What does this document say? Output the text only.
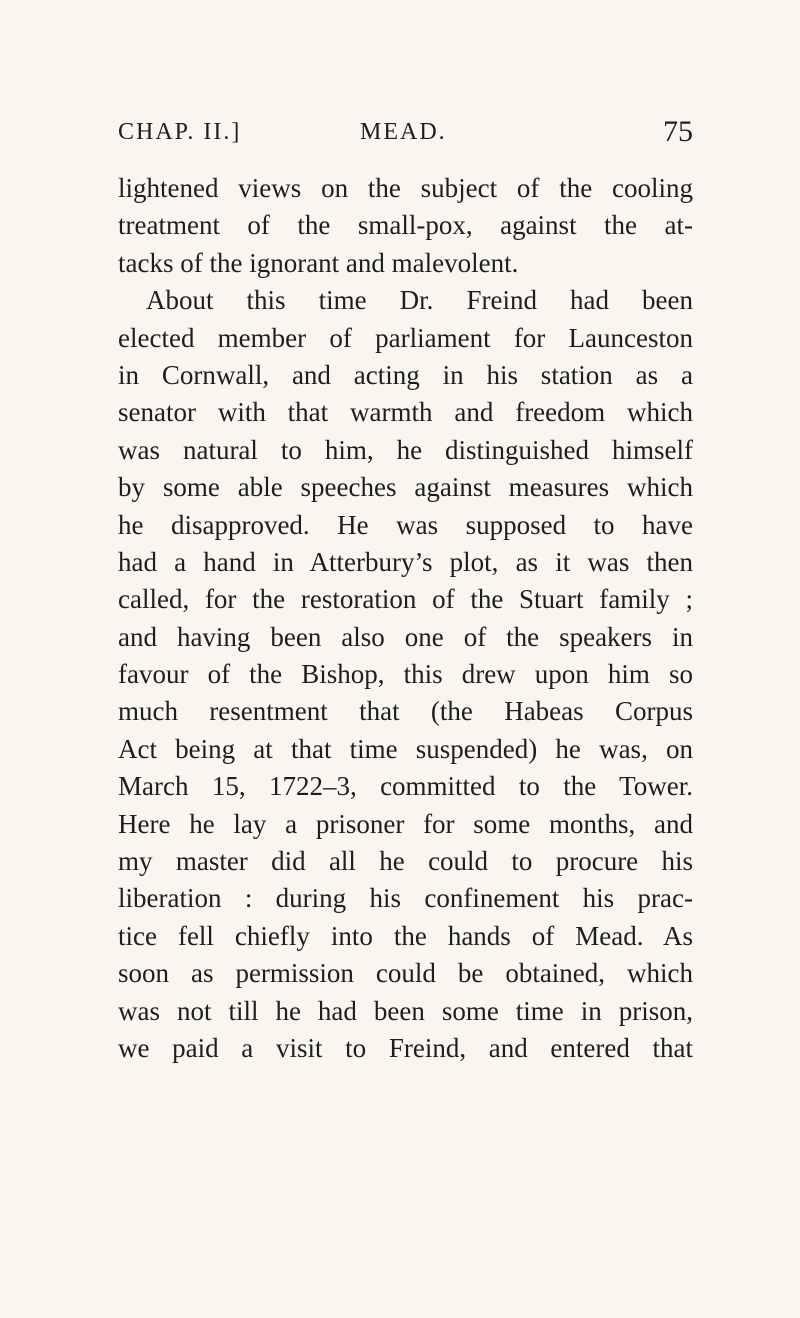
CHAP. II.]	MEAD.	75
lightened views on the subject of the cooling
treatment of the small-pox, against the at-
tacks of the ignorant and malevolent.
About this time Dr. Freind had been
elected member of parliament for Launceston
in Cornwall, and acting in his station as a
senator with that warmth and freedom which
was natural to him, he distinguished himself
by some able speeches against measures which
he disapproved. He was supposed to have
had a hand in Atterbury’s plot, as it was then
called, for the restoration of the Stuart family ;
and having been also one of the speakers in
favour of the Bishop, this drew upon him so
much resentment that (the Habeas Corpus
Act being at that time suspended) he was, on
March 15, 1722–3, committed to the Tower.
Here he lay a prisoner for some months, and
my master did all he could to procure his
liberation : during his confinement his prac-
tice fell chiefly into the hands of Mead. As
soon as permission could be obtained, which
was not till he had been some time in prison,
we paid a visit to Freind, and entered that
